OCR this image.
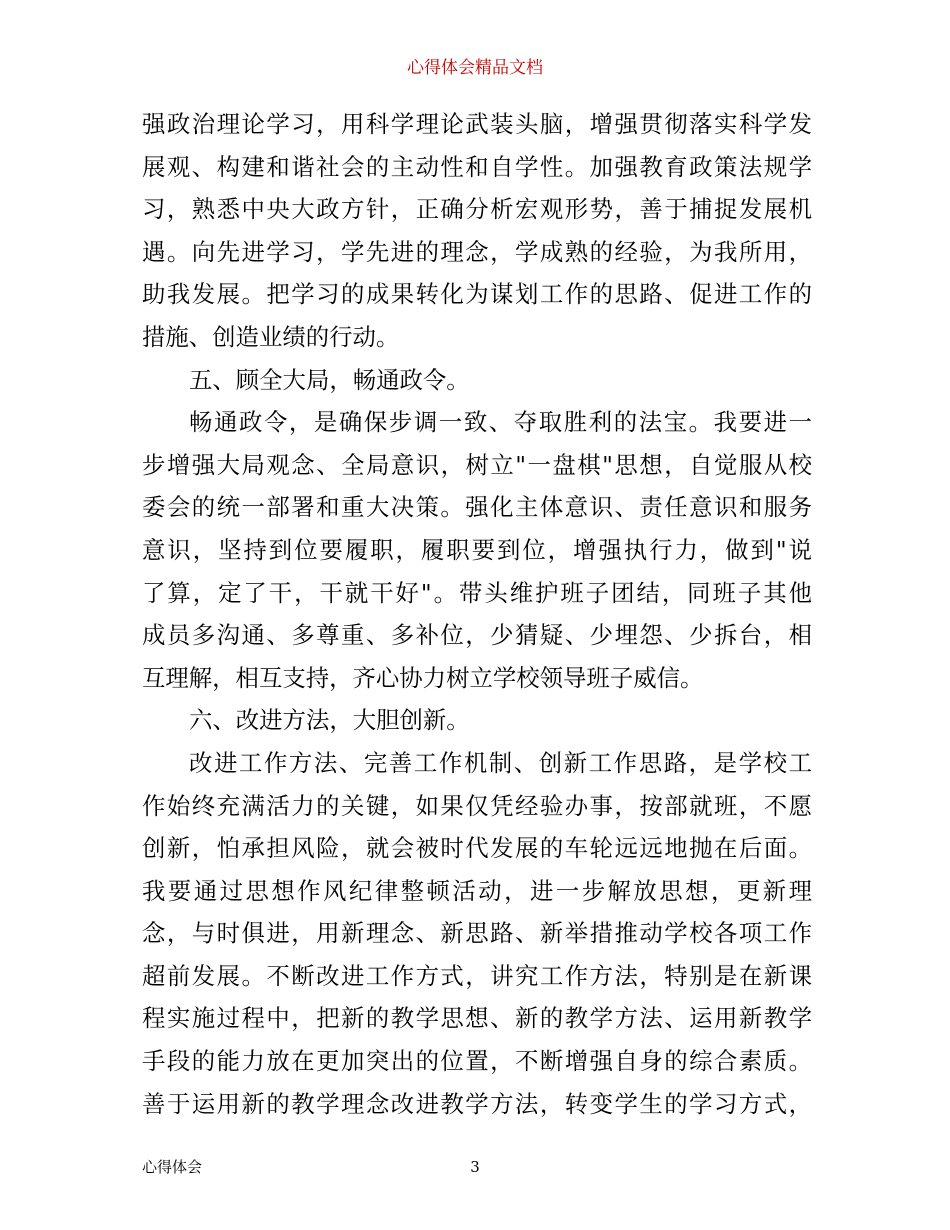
心得体会精品文档
强政治理论学习，用科学理论武装头脑，增强贯彻落实科学发
展观、构建和谐社会的主动性和自学性。加强教育政策法规学
习，熟悉中央大政方针，正确分析宏观形势，善于捕捉发展机
遇。向先进学习，学先进的理念，学成熟的经验，为我所用，
助我发展。把学习的成果转化为谋划工作的思路、促进工作的
措施、创造业绩的行动。
五、顾全大局，畅通政令。
畅通政令，是确保步调一致、夺取胜利的法宝。我要进一
步增强大局观念、全局意识，树立"一盘棋"思想，自觉服从校
委会的统一部署和重大决策。强化主体意识、责任意识和服务
意识，坚持到位要履职，履职要到位，增强执行力，做到"说
了算，定了干，干就干好"。带头维护班子团结，同班子其他
成员多沟通、多尊重、多补位，少猜疑、少埋怨、少拆台，相
互理解，相互支持，齐心协力树立学校领导班子威信。
六、改进方法，大胆创新。
改进工作方法、完善工作机制、创新工作思路，是学校工
作始终充满活力的关键，如果仅凭经验办事，按部就班，不愿
创新，怕承担风险，就会被时代发展的车轮远远地抛在后面。
我要通过思想作风纪律整顿活动，进一步解放思想，更新理
念，与时俱进，用新理念、新思路、新举措推动学校各项工作
超前发展。不断改进工作方式，讲究工作方法，特别是在新课
程实施过程中，把新的教学思想、新的教学方法、运用新教学
手段的能力放在更加突出的位置，不断增强自身的综合素质。
善于运用新的教学理念改进教学方法，转变学生的学习方式，
心得体会	3
